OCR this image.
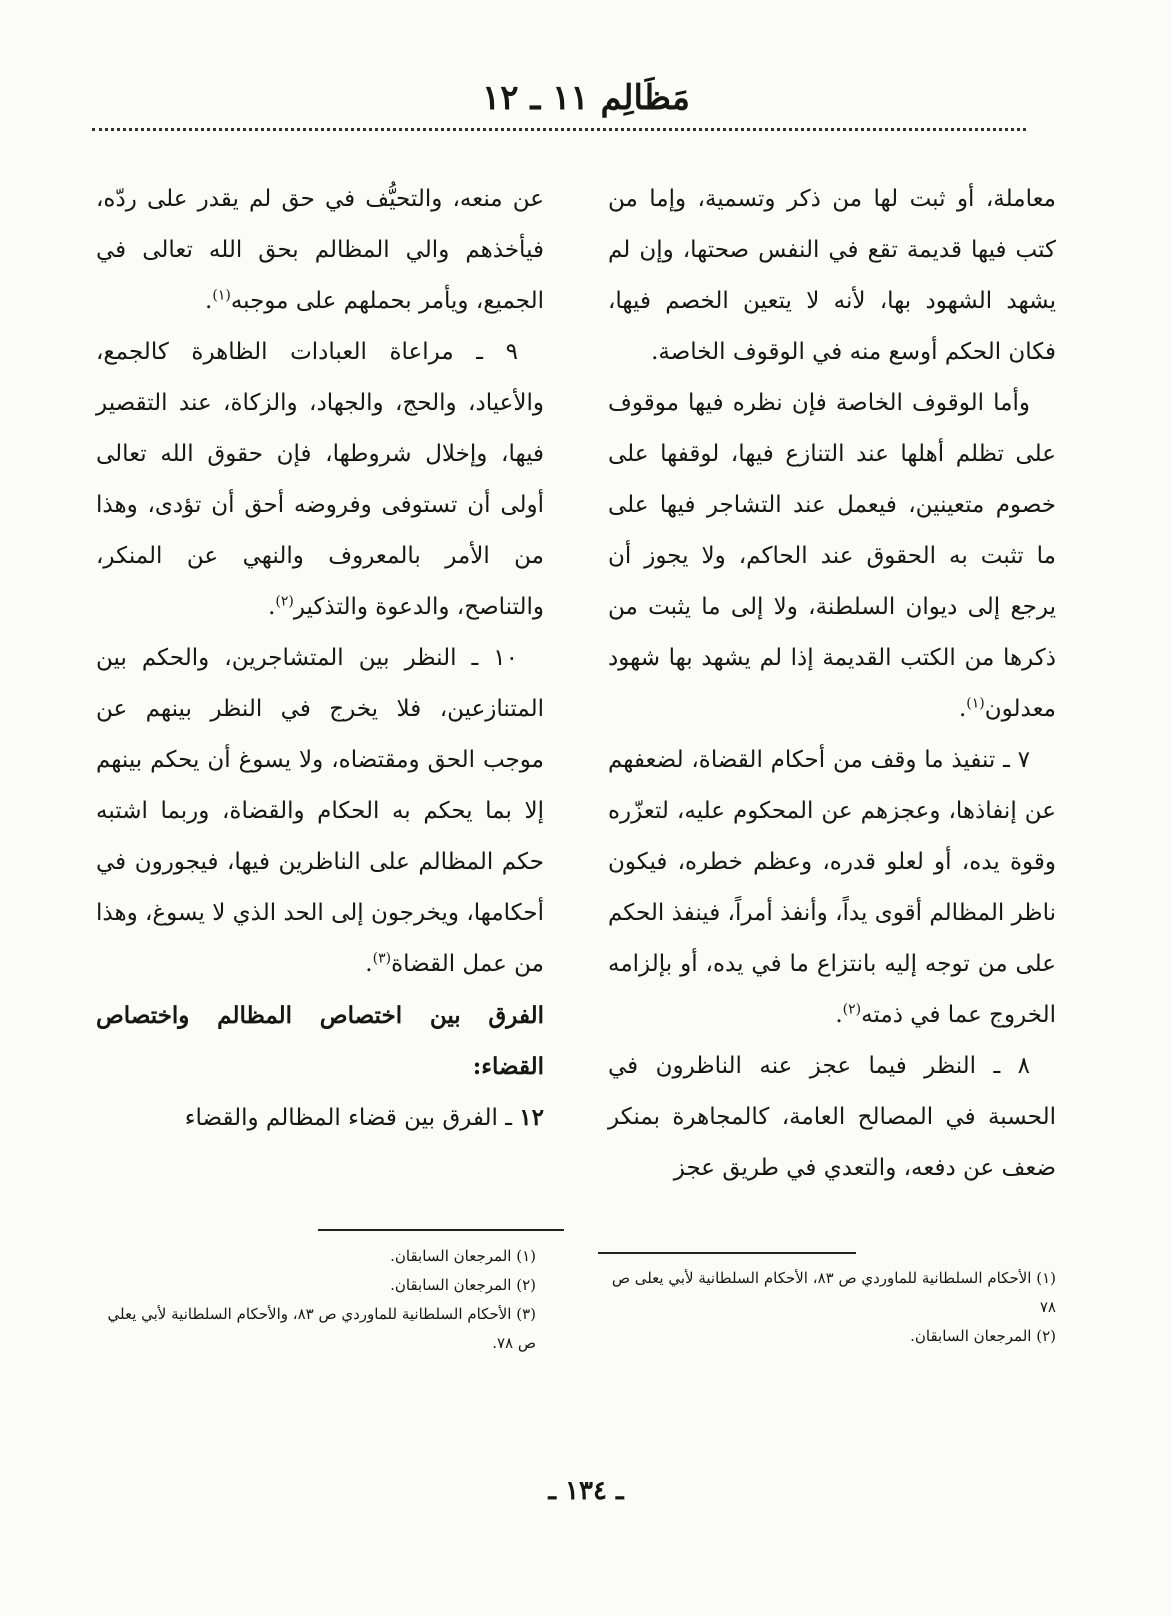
مَظَالِم ١١ ـ ١٢

معاملة، أو ثبت لها من ذكر وتسمية، وإما من كتب فيها قديمة تقع في النفس صحتها، وإن لم يشهد الشهود بها، لأنه لا يتعين الخصم فيها، فكان الحكم أوسع منه في الوقوف الخاصة.

وأما الوقوف الخاصة فإن نظره فيها موقوف على تظلم أهلها عند التنازع فيها، لوقفها على خصوم متعينين، فيعمل عند التشاجر فيها على ما تثبت به الحقوق عند الحاكم، ولا يجوز أن يرجع إلى ديوان السلطنة، ولا إلى ما يثبت من ذكرها من الكتب القديمة إذا لم يشهد بها شهود معدلون$^{(١)}$.

٧ ـ تنفيذ ما وقف من أحكام القضاة، لضعفهم عن إنفاذها، وعجزهم عن المحكوم عليه، لتعزّره وقوة يده، أو لعلو قدره، وعظم خطره، فيكون ناظر المظالم أقوى يداً، وأنفذ أمراً، فينفذ الحكم على من توجه إليه بانتزاع ما في يده، أو بإلزامه الخروج عما في ذمته$^{(٢)}$.

٨ ـ النظر فيما عجز عنه الناظرون في الحسبة في المصالح العامة، كالمجاهرة بمنكر ضعف عن دفعه، والتعدي في طريق عجز

عن منعه، والتحيُّف في حق لم يقدر على ردّه، فيأخذهم والي المظالم بحق الله تعالى في الجميع، ويأمر بحملهم على موجبه$^{(١)}$.

٩ ـ مراعاة العبادات الظاهرة كالجمع، والأعياد، والحج، والجهاد، والزكاة، عند التقصير فيها، وإخلال شروطها، فإن حقوق الله تعالى أولى أن تستوفى وفروضه أحق أن تؤدى، وهذا من الأمر بالمعروف والنهي عن المنكر، والتناصح، والدعوة والتذكير$^{(٢)}$.

١٠ ـ النظر بين المتشاجرين، والحكم بين المتنازعين، فلا يخرج في النظر بينهم عن موجب الحق ومقتضاه، ولا يسوغ أن يحكم بينهم إلا بما يحكم به الحكام والقضاة، وربما اشتبه حكم المظالم على الناظرين فيها، فيجورون في أحكامها، ويخرجون إلى الحد الذي لا يسوغ، وهذا من عمل القضاة$^{(٣)}$.

الفرق بين اختصاص المظالم واختصاص القضاء:

١٢ ـ الفرق بين قضاء المظالم والقضاء

(١) الأحكام السلطانية للماوردي ص ٨٣، الأحكام السلطانية لأبي يعلى ص ٧٨
(٢) المرجعان السابقان.
(١) المرجعان السابقان.
(٢) المرجعان السابقان.
(٣) الأحكام السلطانية للماوردي ص ٨٣، والأحكام السلطانية لأبي يعلي ص ٧٨.
ـ ١٣٤ ـ
